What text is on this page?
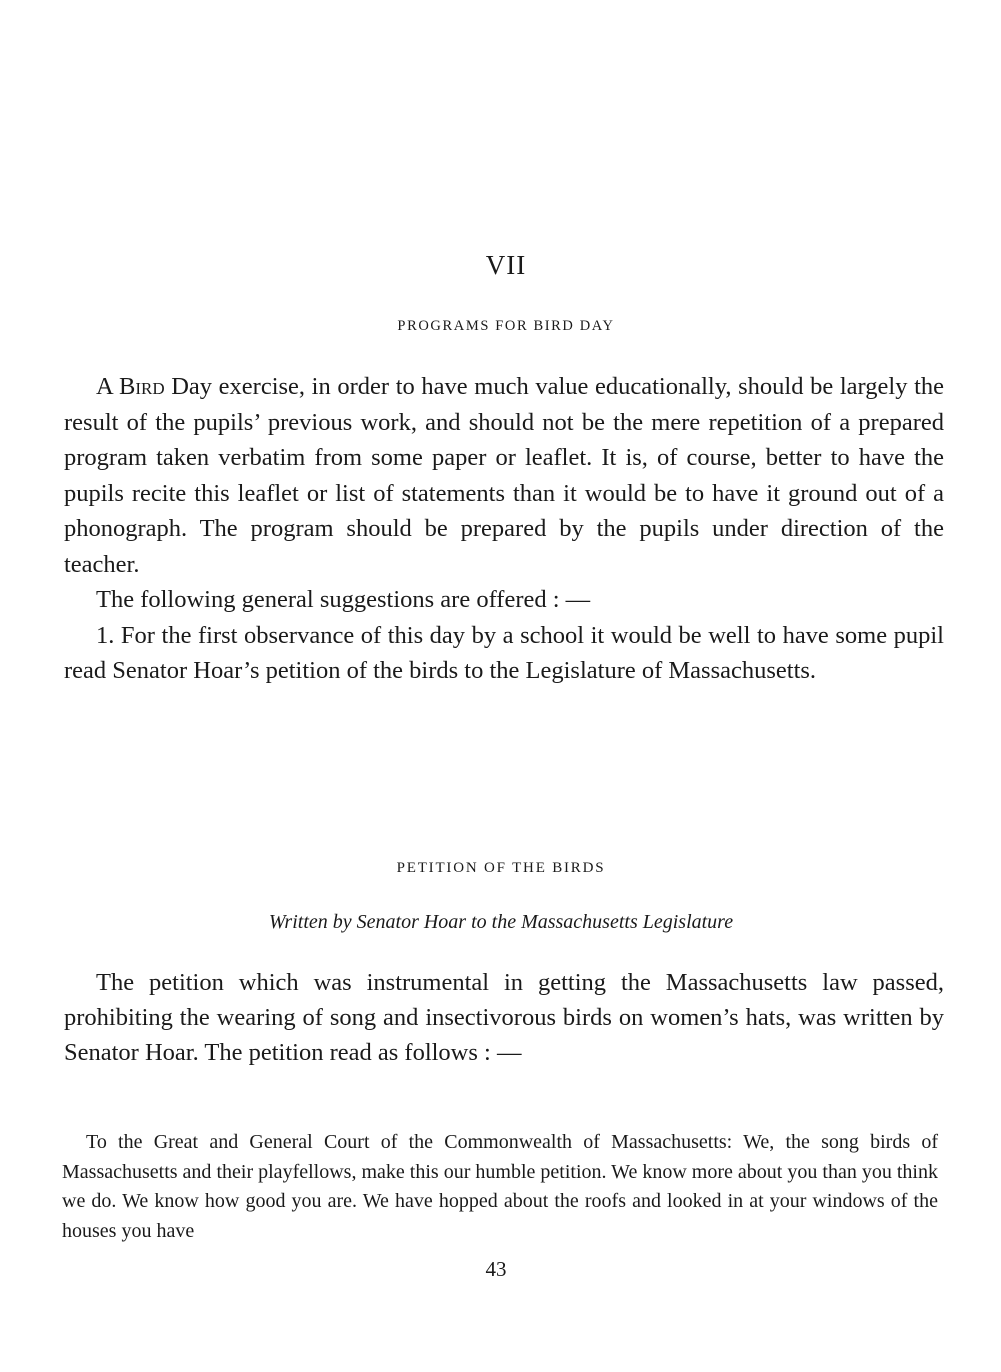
VII
PROGRAMS FOR BIRD DAY

A Bird Day exercise, in order to have much value educationally, should be largely the result of the pupils’ previous work, and should not be the mere repetition of a prepared program taken verbatim from some paper or leaflet. It is, of course, better to have the pupils recite this leaflet or list of statements than it would be to have it ground out of a phonograph. The program should be prepared by the pupils under direction of the teacher.

The following general suggestions are offered : —

1. For the first observance of this day by a school it would be well to have some pupil read Senator Hoar’s petition of the birds to the Legislature of Massachusetts.

PETITION OF THE BIRDS
Written by Senator Hoar to the Massachusetts Legislature

The petition which was instrumental in getting the Massachusetts law passed, prohibiting the wearing of song and insectivorous birds on women’s hats, was written by Senator Hoar. The petition read as follows : —

To the Great and General Court of the Commonwealth of Massachusetts: We, the song birds of Massachusetts and their playfellows, make this our humble petition. We know more about you than you think we do. We know how good you are. We have hopped about the roofs and looked in at your windows of the houses you have

43
